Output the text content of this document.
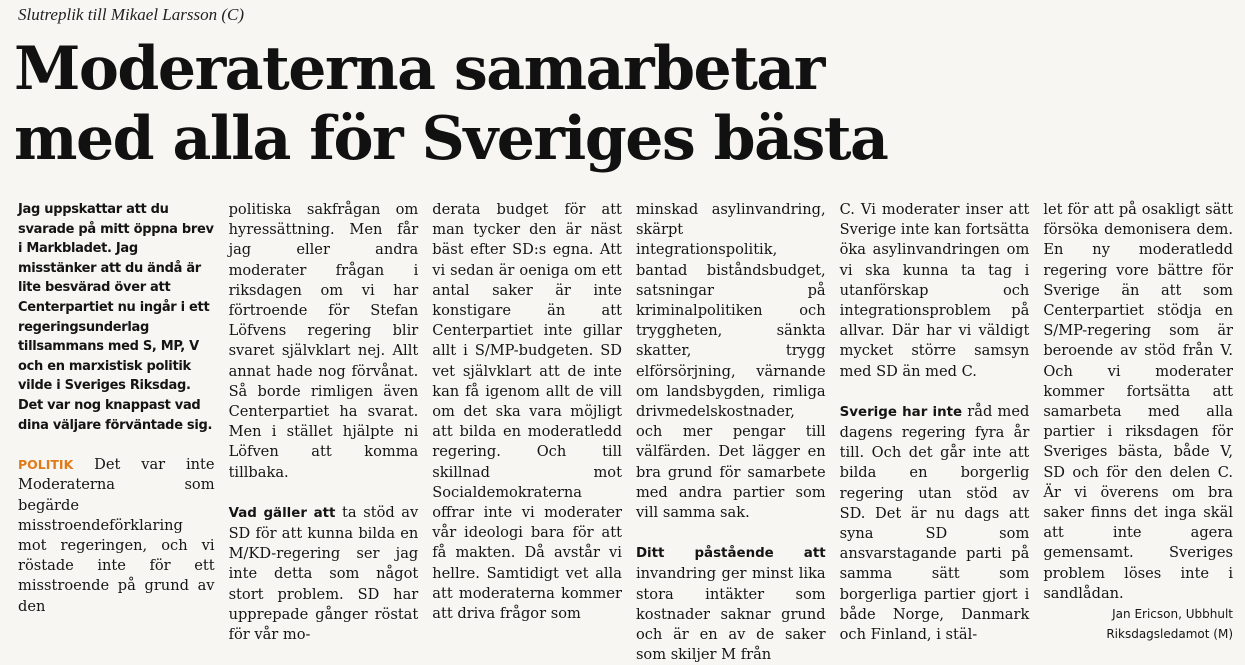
Slutreplik till Mikael Larsson (C)
Moderaterna samarbetar
med alla för Sveriges bästa

Jag uppskattar att du svarade på mitt öppna brev i Markbladet. Jag misstänker att du ändå är lite besvärad över att Centerpartiet nu ingår i ett regeringsunderlag tillsammans med S, MP, V och en marxistisk politik vilde i Sveriges Riksdag. Det var nog knappast vad dina väljare förväntade sig.

POLITIK Det var inte Moderaterna som begärde misstroendeförklaring mot regeringen, och vi röstade inte för ett misstroende på grund av den

politiska sakfrågan om hyressättning. Men får jag eller andra moderater frågan i riksdagen om vi har förtroende för Stefan Löfvens regering blir svaret självklart nej. Allt annat hade nog förvånat. Så borde rimligen även Centerpartiet ha svarat. Men i stället hjälpte ni Löfven att komma tillbaka.

Vad gäller att ta stöd av SD för att kunna bilda en M/KD-regering ser jag inte detta som något stort problem. SD har upprepade gånger röstat för vår mo-

derata budget för att man tycker den är näst bäst efter SD:s egna. Att vi sedan är oeniga om ett antal saker är inte konstigare än att Centerpartiet inte gillar allt i S/MP-budgeten. SD vet självklart att de inte kan få igenom allt de vill om det ska vara möjligt att bilda en moderatledd regering. Och till skillnad mot Socialdemokraterna offrar inte vi moderater vår ideologi bara för att få makten. Då avstår vi hellre. Samtidigt vet alla att moderaterna kommer att driva frågor som

minskad asylinvandring, skärpt integrationspolitik, bantad biståndsbudget, satsningar på kriminalpolitiken och tryggheten, sänkta skatter, trygg elförsörjning, värnande om landsbygden, rimliga drivmedelskostnader, och mer pengar till välfärden. Det lägger en bra grund för samarbete med andra partier som vill samma sak.

Ditt påstående att invandring ger minst lika stora intäkter som kostnader saknar grund och är en av de saker som skiljer M från

C. Vi moderater inser att Sverige inte kan fortsätta öka asylinvandringen om vi ska kunna ta tag i utanförskap och integrationsproblem på allvar. Där har vi väldigt mycket större samsyn med SD än med C.

Sverige har inte råd med dagens regering fyra år till. Och det går inte att bilda en borgerlig regering utan stöd av SD. Det är nu dags att syna SD som ansvarstagande parti på samma sätt som borgerliga partier gjort i både Norge, Danmark och Finland, i stäl-

let för att på osakligt sätt försöka demonisera dem. En ny moderatledd regering vore bättre för Sverige än att som Centerpartiet stödja en S/MP-regering som är beroende av stöd från V. Och vi moderater kommer fortsätta att samarbeta med alla partier i riksdagen för Sveriges bästa, både V, SD och för den delen C. Är vi överens om bra saker finns det inga skäl att inte agera gemensamt. Sveriges problem löses inte i sandlådan.

Jan Ericson, Ubbhult
Riksdagsledamot (M)
